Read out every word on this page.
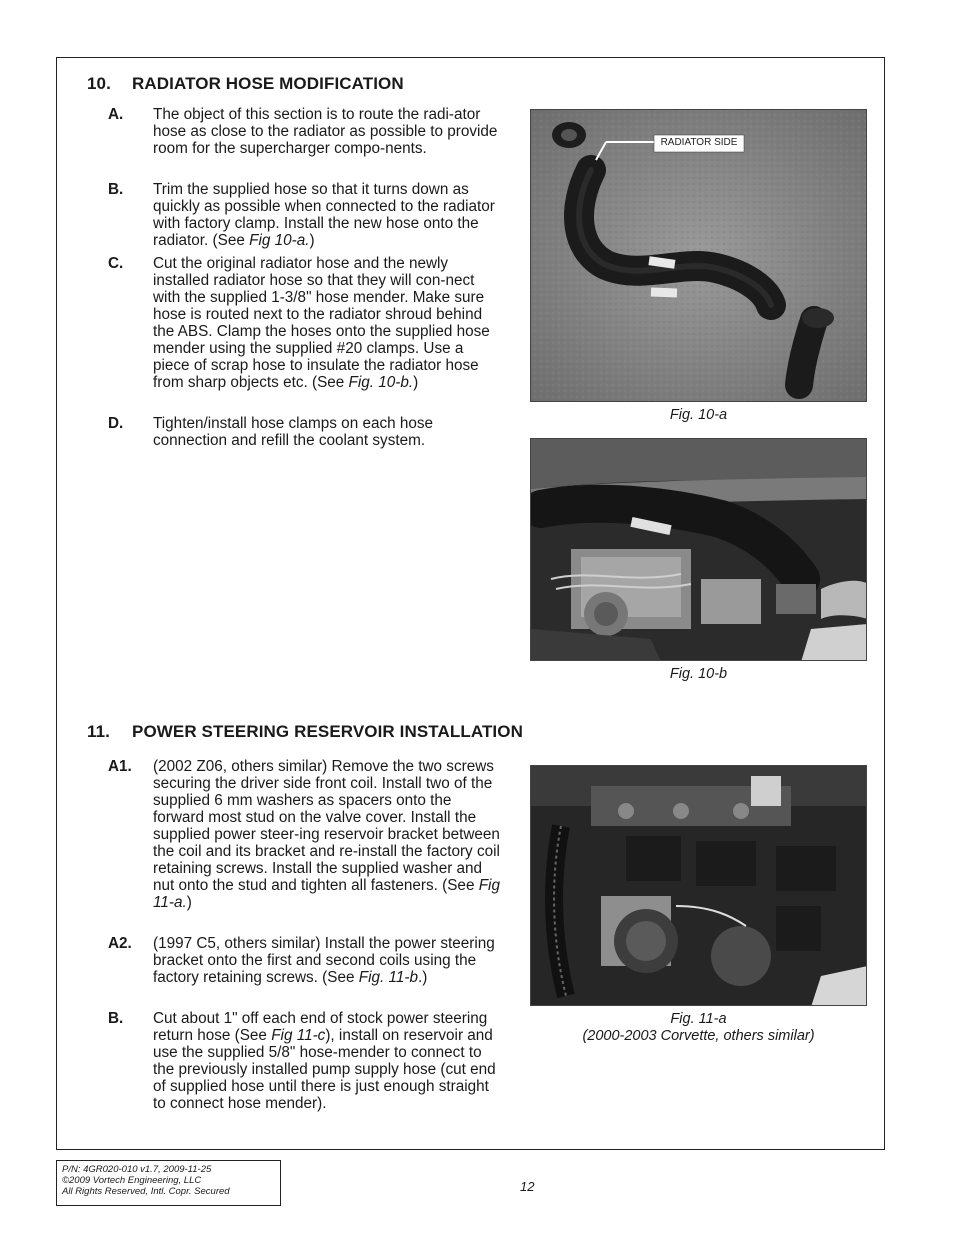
10. RADIATOR HOSE MODIFICATION
A. The object of this section is to route the radi-ator hose as close to the radiator as possible to provide room for the supercharger compo-nents.
B. Trim the supplied hose so that it turns down as quickly as possible when connected to the radiator with factory clamp. Install the new hose onto the radiator. (See Fig 10-a.)
C. Cut the original radiator hose and the newly installed radiator hose so that they will con-nect with the supplied 1-3/8" hose mender. Make sure hose is routed next to the radiator shroud behind the ABS. Clamp the hoses onto the supplied hose mender using the supplied #20 clamps. Use a piece of scrap hose to insulate the radiator hose from sharp objects etc. (See Fig. 10-b.)
D. Tighten/install hose clamps on each hose connection and refill the coolant system.
RADIATOR SIDE
Fig. 10-a
Fig. 10-b
11. POWER STEERING RESERVOIR INSTALLATION
A1. (2002 Z06, others similar) Remove the two screws securing the driver side front coil. Install two of the supplied 6 mm washers as spacers onto the forward most stud on the valve cover. Install the supplied power steer-ing reservoir bracket between the coil and its bracket and re-install the factory coil retaining screws. Install the supplied washer and nut onto the stud and tighten all fasteners. (See Fig 11-a.)
A2. (1997 C5, others similar) Install the power steering bracket onto the first and second coils using the factory retaining screws. (See Fig. 11-b.)
B. Cut about 1" off each end of stock power steering return hose (See Fig 11-c), install on reservoir and use the supplied 5/8" hose-mender to connect to the previously installed pump supply hose (cut end of supplied hose until there is just enough straight to connect hose mender).
Fig. 11-a
(2000-2003 Corvette, others similar)
P/N: 4GR020-010 v1.7, 2009-11-25
©2009 Vortech Engineering, LLC
All Rights Reserved, Intl. Copr. Secured	12
